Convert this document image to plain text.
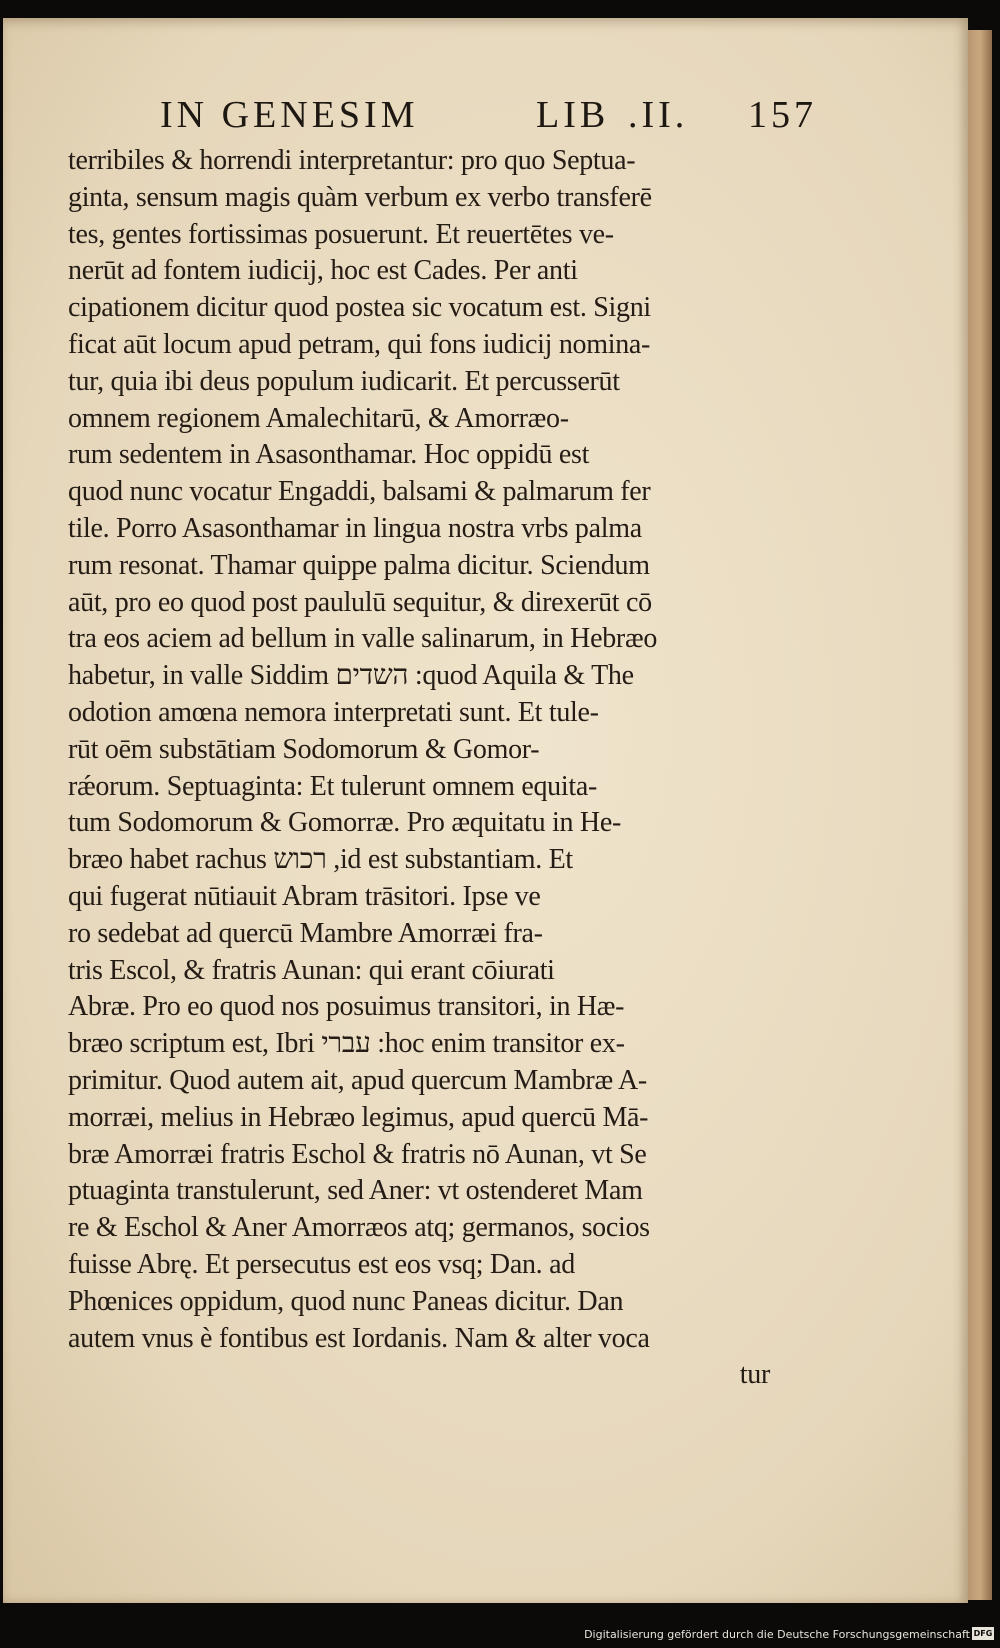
IN GENESIM	LIB .II. 157
terribiles & horrendi interpretantur: pro quo Septua-
ginta, sensum magis quàm verbum ex verbo transferē
tes, gentes fortissimas posuerunt. Et reuertētes ve-
nerūt ad fontem iudicij, hoc est Cades. Per anti
cipationem dicitur quod postea sic vocatum est. Signi
ficat aūt locum apud petram, qui fons iudicij nomina-
tur, quia ibi deus populum iudicarit. Et percusserūt
omnem regionem Amalechitarū, & Amorræo-
rum sedentem in Asasonthamar. Hoc oppidū est
quod nunc vocatur Engaddi, balsami & palmarum fer
tile. Porro Asasonthamar in lingua nostra vrbs palma
rum resonat. Thamar quippe palma dicitur. Sciendum
aūt, pro eo quod post paululū sequitur, & direxerūt cō
tra eos aciem ad bellum in valle salinarum, in Hebræo
habetur, in valle Siddim השדים :quod Aquila & The
odotion amœna nemora interpretati sunt. Et tule-
rūt oēm substātiam Sodomorum & Gomor-
rǽorum. Septuaginta: Et tulerunt omnem equita-
tum Sodomorum & Gomorræ. Pro æquitatu in He-
bræo habet rachus רכוש ,id est substantiam. Et
qui fugerat nūtiauit Abram trāsitori. Ipse ve
ro sedebat ad quercū Mambre Amorræi fra-
tris Escol, & fratris Aunan: qui erant cōiurati
Abræ. Pro eo quod nos posuimus transitori, in Hæ-
bræo scriptum est, Ibri עברי :hoc enim transitor ex-
primitur. Quod autem ait, apud quercum Mambræ A-
morræi, melius in Hebræo legimus, apud quercū Mā-
bræ Amorræi fratris Eschol & fratris nō Aunan, vt Se
ptuaginta transtulerunt, sed Aner: vt ostenderet Mam
re & Eschol & Aner Amorræos atq; germanos, socios
fuisse Abrę. Et persecutus est eos vsq; Dan. ad
Phœnices oppidum, quod nunc Paneas dicitur. Dan
autem vnus è fontibus est Iordanis. Nam & alter voca
tur
Digitalisierung gefördert durch die Deutsche Forschungsgemeinschaft DFG
